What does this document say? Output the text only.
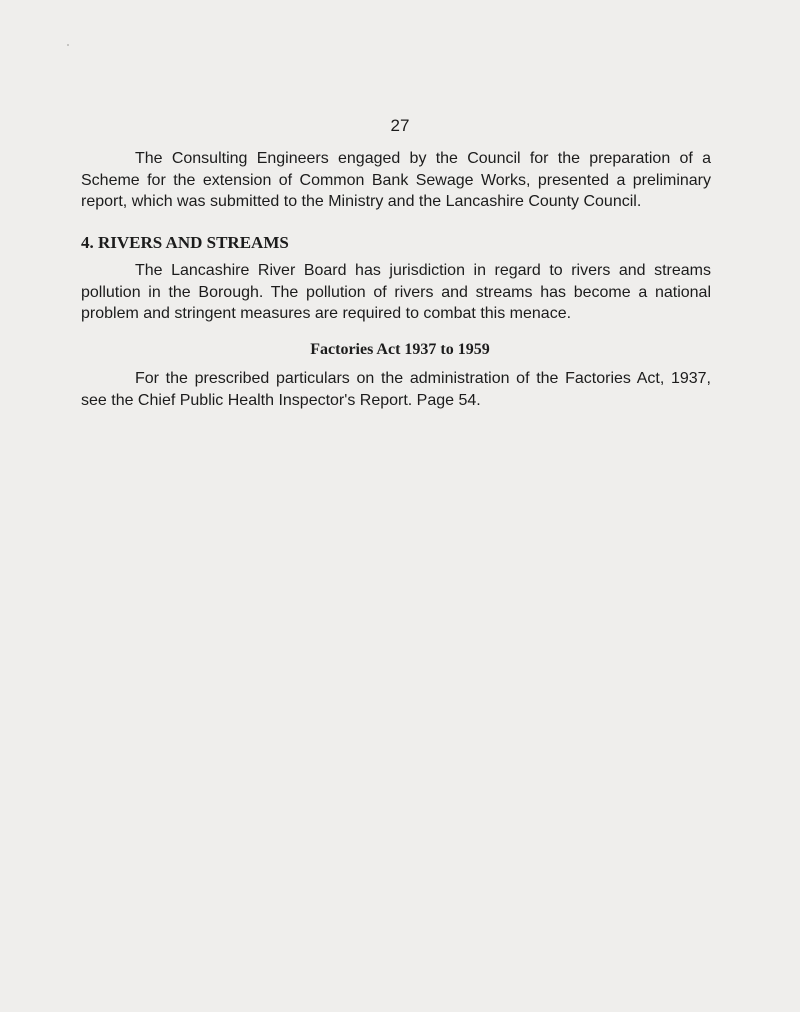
27

The Consulting Engineers engaged by the Council for the preparation of a Scheme for the extension of Common Bank Sewage Works, presented a preliminary report, which was submitted to the Ministry and the Lancashire County Council.

4. RIVERS AND STREAMS

The Lancashire River Board has jurisdiction in regard to rivers and streams pollution in the Borough. The pollution of rivers and streams has become a national problem and stringent measures are required to combat this menace.

Factories Act 1937 to 1959

For the prescribed particulars on the administration of the Factories Act, 1937, see the Chief Public Health Inspector's Report. Page 54.
